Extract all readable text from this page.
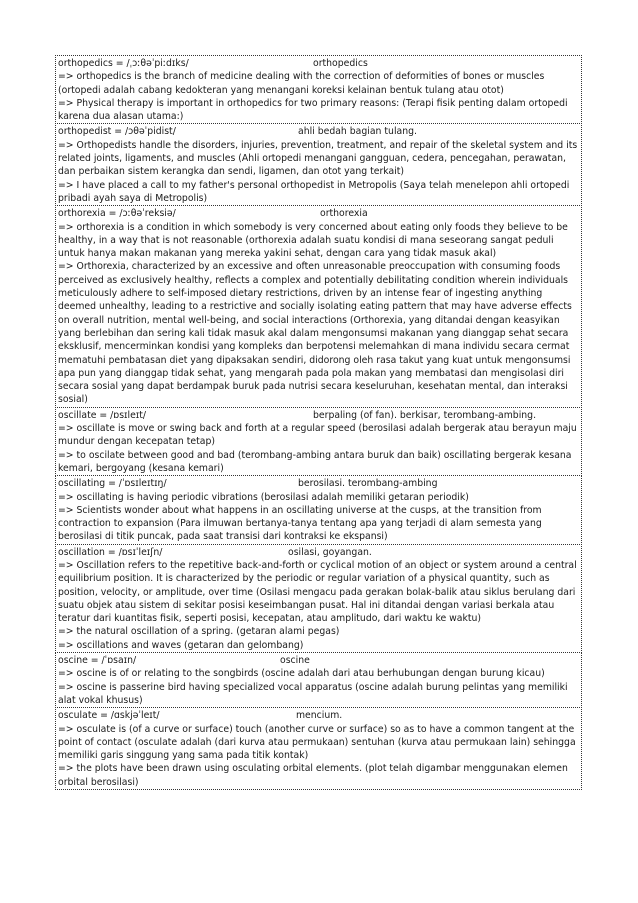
orthopedics = /ˌɔːθəˈpiːdɪks/	orthopedics
=> orthopedics is the branch of medicine dealing with the correction of deformities of bones or muscles (ortopedi adalah cabang kedokteran yang menangani koreksi kelainan bentuk tulang atau otot)
=> Physical therapy is important in orthopedics for two primary reasons: (Terapi fisik penting dalam ortopedi karena dua alasan utama:)
orthopedist = /ɔθəˈpidist/	ahli bedah bagian tulang.
=> Orthopedists handle the disorders, injuries, prevention, treatment, and repair of the skeletal system and its related joints, ligaments, and muscles (Ahli ortopedi menangani gangguan, cedera, pencegahan, perawatan, dan perbaikan sistem kerangka dan sendi, ligamen, dan otot yang terkait)
=> I have placed a call to my father's personal orthopedist in Metropolis (Saya telah menelepon ahli ortopedi pribadi ayah saya di Metropolis)
orthorexia = /ɔːθəˈreksiə/	orthorexia
=> orthorexia is a condition in which somebody is very concerned about eating only foods they believe to be healthy, in a way that is not reasonable (orthorexia adalah suatu kondisi di mana seseorang sangat peduli untuk hanya makan makanan yang mereka yakini sehat, dengan cara yang tidak masuk akal)
=> Orthorexia, characterized by an excessive and often unreasonable preoccupation with consuming foods perceived as exclusively healthy, reflects a complex and potentially debilitating condition wherein individuals meticulously adhere to self-imposed dietary restrictions, driven by an intense fear of ingesting anything deemed unhealthy, leading to a restrictive and socially isolating eating pattern that may have adverse effects on overall nutrition, mental well-being, and social interactions (Orthorexia, yang ditandai dengan keasyikan yang berlebihan dan sering kali tidak masuk akal dalam mengonsumsi makanan yang dianggap sehat secara eksklusif, mencerminkan kondisi yang kompleks dan berpotensi melemahkan di mana individu secara cermat mematuhi pembatasan diet yang dipaksakan sendiri, didorong oleh rasa takut yang kuat untuk mengonsumsi apa pun yang dianggap tidak sehat, yang mengarah pada pola makan yang membatasi dan mengisolasi diri secara sosial yang dapat berdampak buruk pada nutrisi secara keseluruhan, kesehatan mental, dan interaksi sosial)
oscillate = /ɒsɪleɪt/	berpaling (of fan). berkisar, terombang-ambing.
=> oscillate is move or swing back and forth at a regular speed (berosilasi adalah bergerak atau berayun maju mundur dengan kecepatan tetap)
=> to oscilate between good and bad (terombang-ambing antara buruk dan baik) oscillating bergerak kesana kemari, bergoyang (kesana kemari)
oscillating = /ˈɒsɪleɪtɪŋ/	berosilasi. terombang-ambing
=> oscillating is having periodic vibrations (berosilasi adalah memiliki getaran periodik)
=> Scientists wonder about what happens in an oscillating universe at the cusps, at the transition from contraction to expansion (Para ilmuwan bertanya-tanya tentang apa yang terjadi di alam semesta yang berosilasi di titik puncak, pada saat transisi dari kontraksi ke ekspansi)
oscillation = /ɒsɪˈleɪʃn/	osilasi, goyangan.
=> Oscillation refers to the repetitive back-and-forth or cyclical motion of an object or system around a central equilibrium position. It is characterized by the periodic or regular variation of a physical quantity, such as position, velocity, or amplitude, over time (Osilasi mengacu pada gerakan bolak-balik atau siklus berulang dari suatu objek atau sistem di sekitar posisi keseimbangan pusat. Hal ini ditandai dengan variasi berkala atau teratur dari kuantitas fisik, seperti posisi, kecepatan, atau amplitudo, dari waktu ke waktu)
=> the natural oscillation of a spring. (getaran alami pegas)
=> oscillations and waves (getaran dan gelombang)
oscine = /ˈɒsaɪn/	oscine
=> oscine is of or relating to the songbirds (oscine adalah dari atau berhubungan dengan burung kicau)
=> oscine is passerine bird having specialized vocal apparatus (oscine adalah burung pelintas yang memiliki alat vokal khusus)
osculate = /ɑskjəˈleɪt/	mencium.
=> osculate is (of a curve or surface) touch (another curve or surface) so as to have a common tangent at the point of contact (osculate adalah (dari kurva atau permukaan) sentuhan (kurva atau permukaan lain) sehingga memiliki garis singgung yang sama pada titik kontak)
=> the plots have been drawn using osculating orbital elements. (plot telah digambar menggunakan elemen orbital berosilasi)
